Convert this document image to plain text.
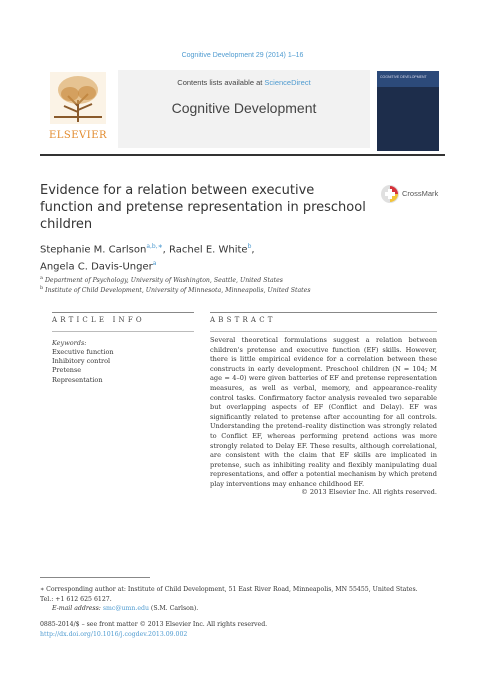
Cognitive Development 29 (2014) 1–16
ELSEVIER
Contents lists available at ScienceDirect
Cognitive Development
COGNITIVE DEVELOPMENT
Evidence for a relation between executive function and pretense representation in preschool children
CrossMark
Stephanie M. Carlson$^{a,b,∗}$, Rachel E. White$^b$,
Angela C. Davis-Unger$^a$
$^a$ Department of Psychology, University of Washington, Seattle, United States
$^b$ Institute of Child Development, University of Minnesota, Minneapolis, United States
ARTICLE INFO	ABSTRACT
Keywords:
Executive function
Inhibitory control
Pretense
Representation
Several theoretical formulations suggest a relation between children's pretense and executive function (EF) skills. However, there is little empirical evidence for a correlation between these constructs in early development. Preschool children (N = 104; M age = 4–0) were given batteries of EF and pretense representation measures, as well as verbal, memory, and appearance–reality control tasks. Confirmatory factor analysis revealed two separable but overlapping aspects of EF (Conflict and Delay). EF was significantly related to pretense after accounting for all controls. Understanding the pretend–reality distinction was strongly related to Conflict EF, whereas performing pretend actions was more strongly related to Delay EF. These results, although correlational, are consistent with the claim that EF skills are implicated in pretense, such as inhibiting reality and flexibly manipulating dual representations, and offer a potential mechanism by which pretend play interventions may enhance childhood EF.
© 2013 Elsevier Inc. All rights reserved.
∗ Corresponding author at: Institute of Child Development, 51 East River Road, Minneapolis, MN 55455, United States.
Tel.: +1 612 625 6127.
E-mail address: smc@umn.edu (S.M. Carlson).
0885-2014/$ – see front matter © 2013 Elsevier Inc. All rights reserved.
http://dx.doi.org/10.1016/j.cogdev.2013.09.002
